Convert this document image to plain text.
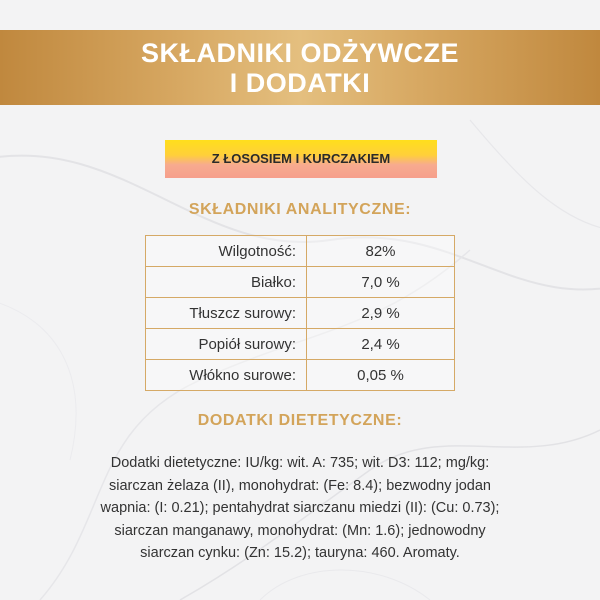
SKŁADNIKI ODŻYWCZE
I DODATKI
Z ŁOSOSIEM I KURCZAKIEM
SKŁADNIKI ANALITYCZNE:
Wilgotność:	82%
Białko:	7,0 %
Tłuszcz surowy:	2,9 %
Popiół surowy:	2,4 %
Włókno surowe:	0,05 %
DODATKI DIETETYCZNE:
Dodatki dietetyczne: IU/kg: wit. A: 735; wit. D3: 112; mg/kg:
siarczan żelaza (II), monohydrat: (Fe: 8.4); bezwodny jodan
wapnia: (I: 0.21); pentahydrat siarczanu miedzi (II): (Cu: 0.73);
siarczan manganawy, monohydrat: (Mn: 1.6); jednowodny
siarczan cynku: (Zn: 15.2); tauryna: 460. Aromaty.
